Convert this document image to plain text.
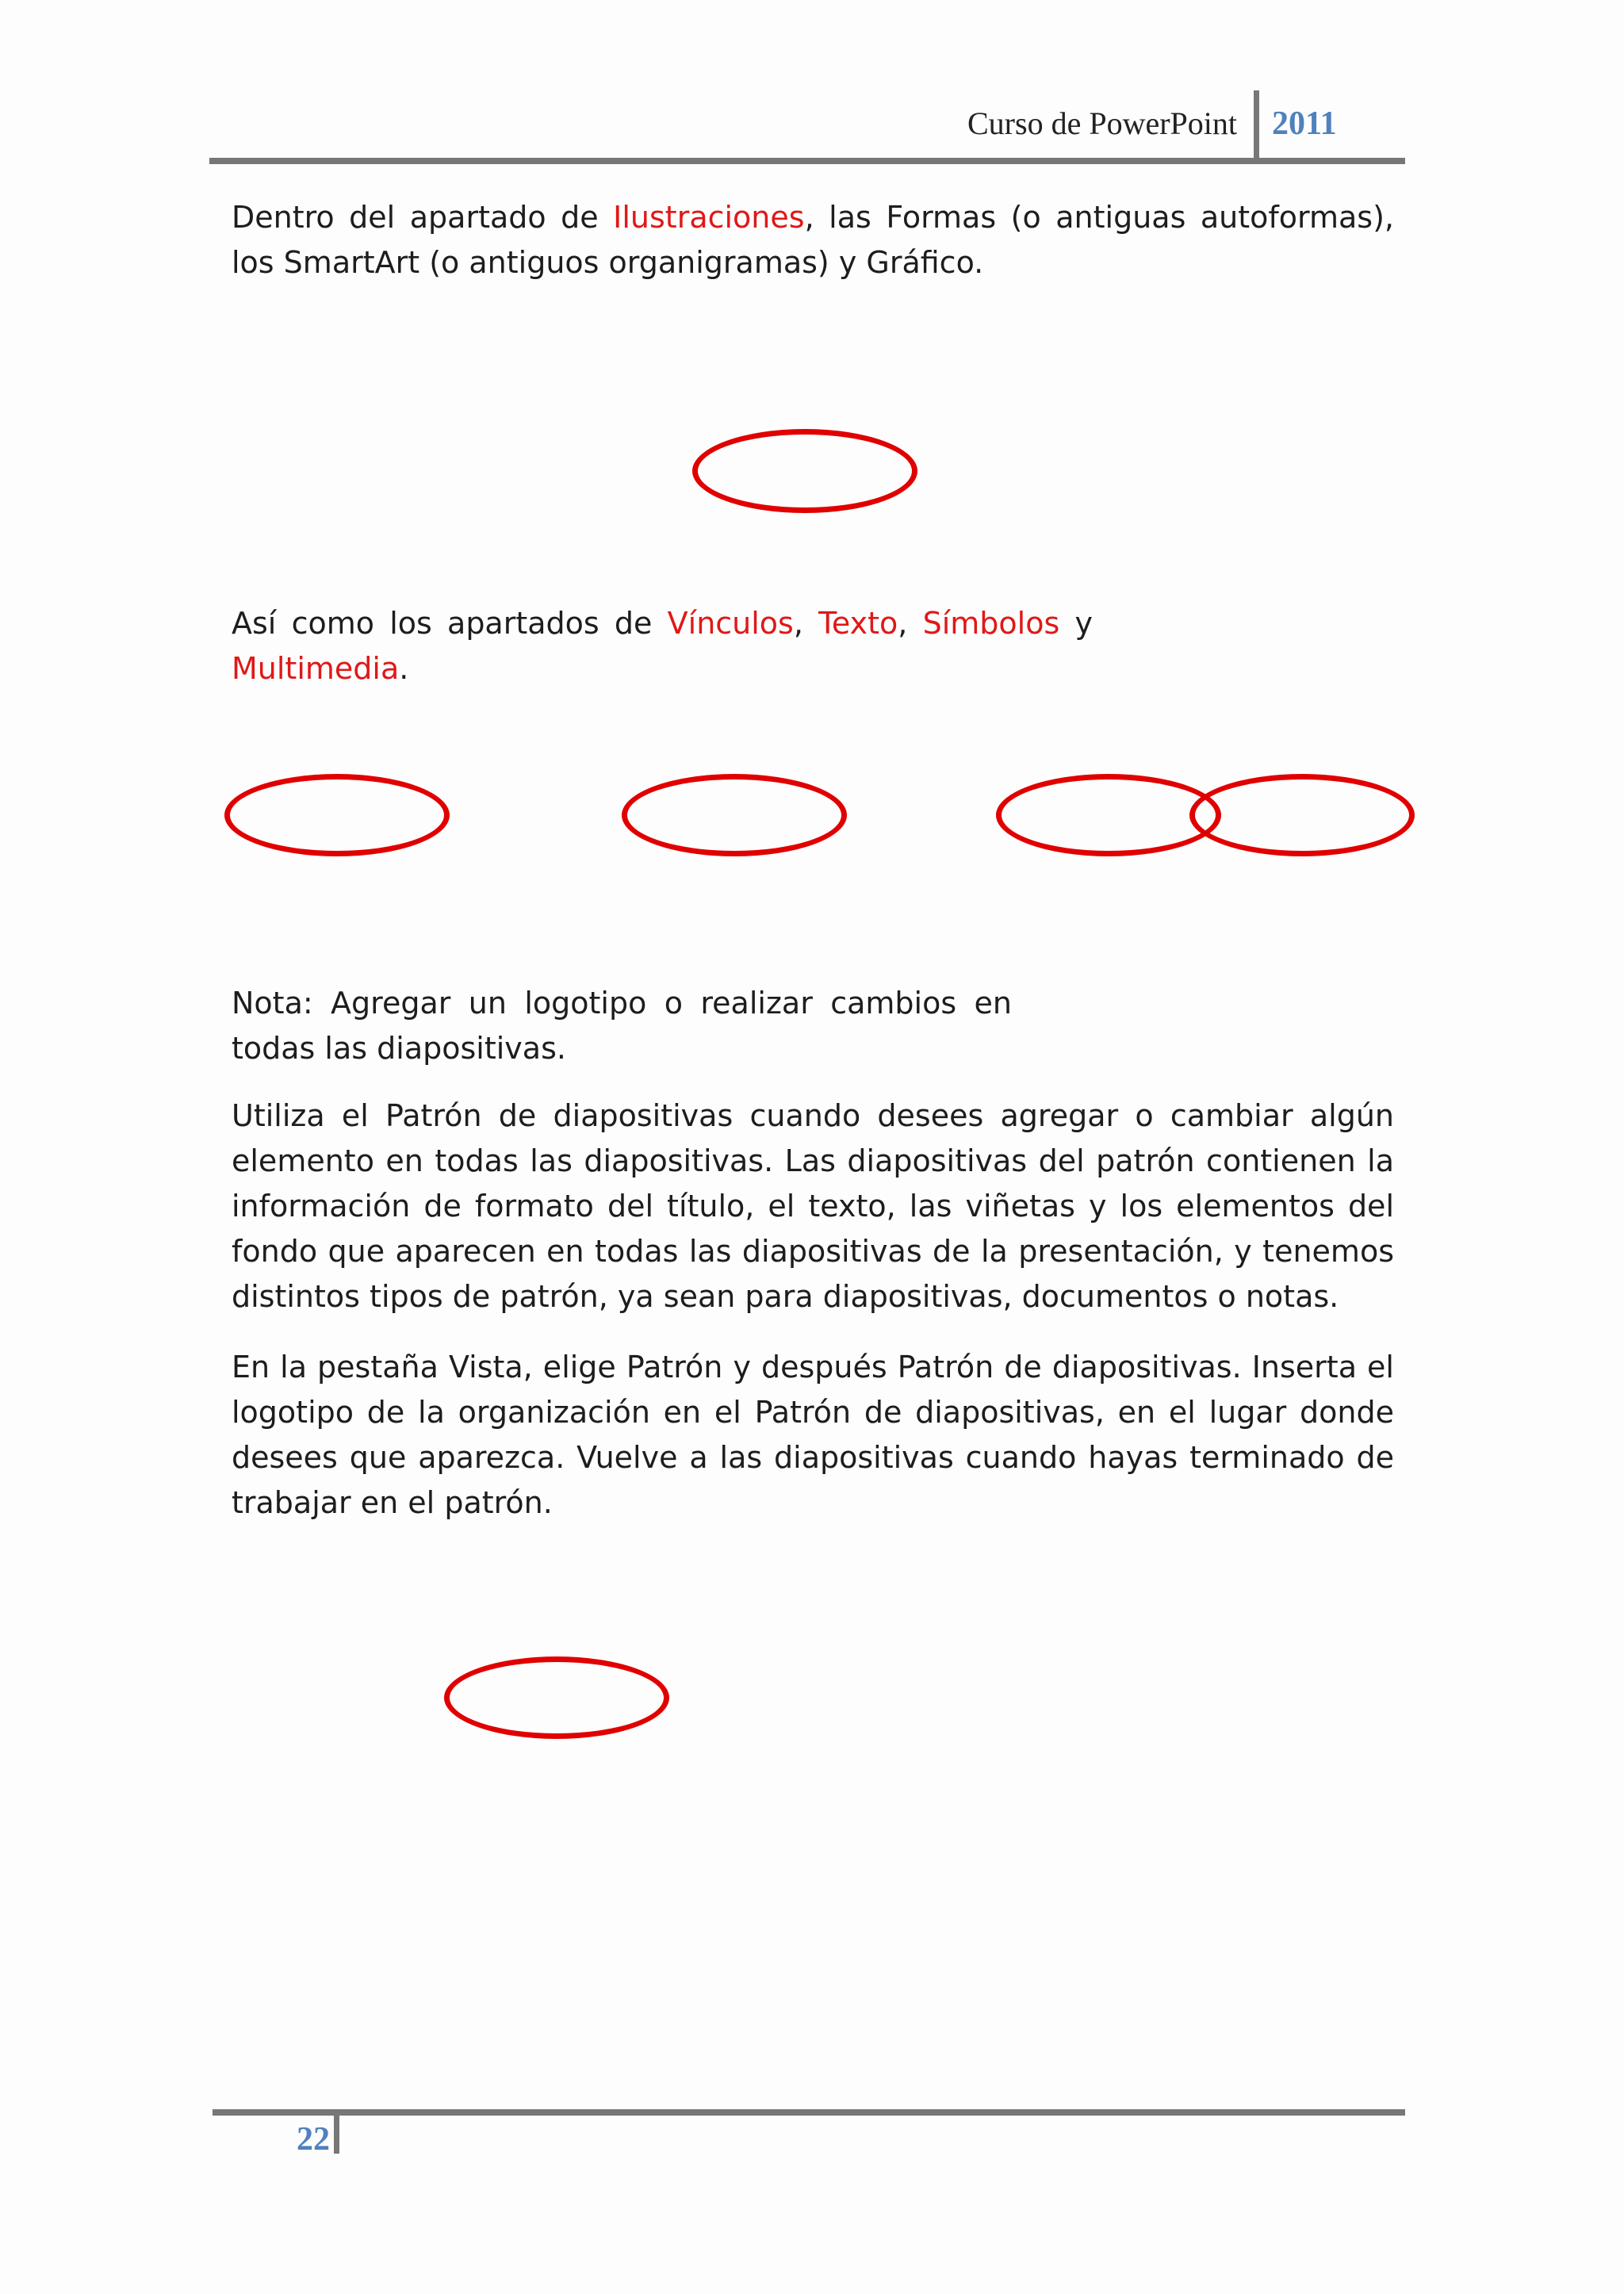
Curso de PowerPoint 2011

Dentro del apartado de Ilustraciones, las Formas (o antiguas autoformas), los SmartArt (o antiguos organigramas) y Gráfico.

Así como los apartados de Vínculos, Texto, Símbolos y Multimedia.

Nota: Agregar un logotipo o realizar cambios en todas las diapositivas.

Utiliza el Patrón de diapositivas cuando desees agregar o cambiar algún elemento en todas las diapositivas. Las diapositivas del patrón contienen la información de formato del título, el texto, las viñetas y los elementos del fondo que aparecen en todas las diapositivas de la presentación, y tenemos distintos tipos de patrón, ya sean para diapositivas, documentos o notas.

En la pestaña Vista, elige Patrón y después Patrón de diapositivas. Inserta el logotipo de la organización en el Patrón de diapositivas, en el lugar donde desees que aparezca. Vuelve a las diapositivas cuando hayas terminado de trabajar en el patrón.

22
